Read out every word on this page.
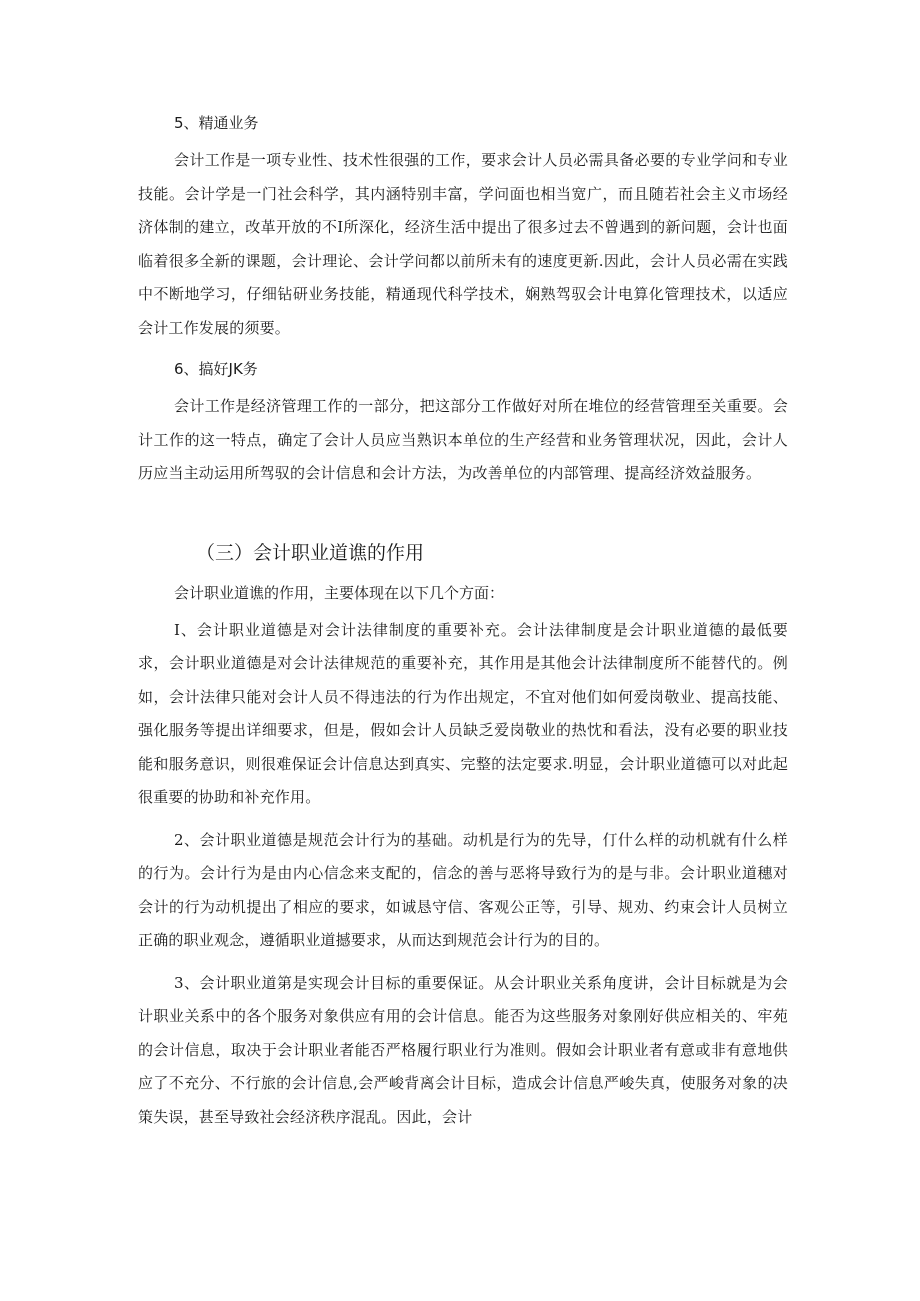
5、精通业务

会计工作是一项专业性、技术性很强的工作，要求会计人员必需具备必要的专业学问和专业技能。会计学是一门社会科学，其内涵特别丰富，学问面也相当宽广，而且随若社会主义市场经济体制的建立，改革开放的不I所深化，经济生活中提出了很多过去不曾遇到的新问题，会计也面临着很多全新的课题，会计理论、会计学问都以前所未有的速度更新.因此，会计人员必需在实践中不断地学习，仔细钻研业务技能，精通现代科学技术，娴熟驾驭会计电算化管理技术，以适应会计工作发展的须要。

6、搞好JK务

会计工作是经济管理工作的一部分，把这部分工作做好对所在堆位的经营管理至关重要。会计工作的这一特点，确定了会计人员应当熟识本单位的生产经营和业务管理状况，因此，会计人历应当主动运用所驾驭的会计信息和会计方法，为改善单位的内部管理、提高经济效益服务。

（三）会计职业道谯的作用

会计职业道谯的作用，主要体现在以下几个方面：

I、会计职业道德是对会计法律制度的重要补充。会计法律制度是会计职业道德的最低要求，会计职业道德是对会计法律规范的重要补充，其作用是其他会计法律制度所不能替代的。例如，会计法律只能对会计人员不得违法的行为作出规定，不宜对他们如何爱岗敬业、提高技能、强化服务等提出详细要求，但是，假如会计人员缺乏爱岗敬业的热忱和看法，没有必要的职业技能和服务意识，则很难保证会计信息达到真实、完整的法定要求.明显，会计职业道德可以对此起很重要的协助和补充作用。

2、会计职业道德是规范会计行为的基础。动机是行为的先导，仃什么样的动机就有什么样的行为。会计行为是由内心信念来支配的，信念的善与恶将导致行为的是与非。会计职业道穗对会计的行为动机提出了相应的要求，如诚恳守信、客观公正等，引导、规劝、约束会计人员树立正确的职业观念，遵循职业道撼要求，从而达到规范会计行为的目的。

3、会计职业道第是实现会计目标的重要保证。从会计职业关系角度讲，会计目标就是为会计职业关系中的各个服务对象供应有用的会计信息。能否为这些服务对象刚好供应相关的、牢苑的会计信息，取决于会计职业者能否严格履行职业行为准则。假如会计职业者有意或非有意地供应了不充分、不行旅的会计信息,会严峻背离会计目标，造成会计信息严峻失真，使服务对象的决策失误，甚至导致社会经济秩序混乱。因此，会计
